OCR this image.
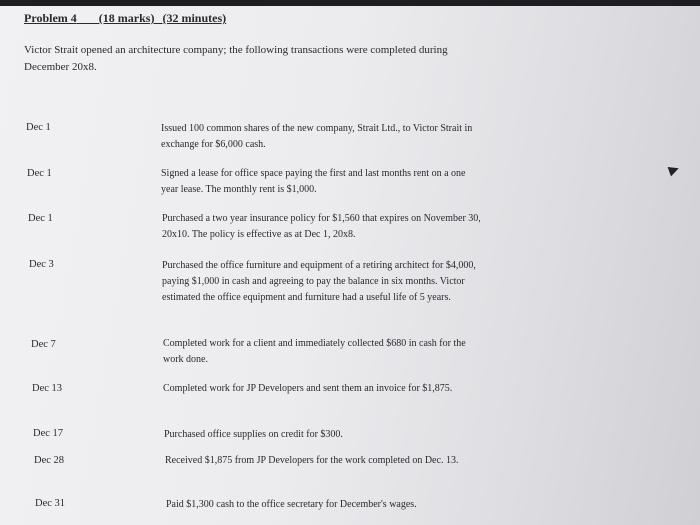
Problem 4 (18 marks) (32 minutes)
Victor Strait opened an architecture company; the following transactions were completed during December 20x8.
Dec 1	Issued 100 common shares of the new company, Strait Ltd., to Victor Strait in exchange for $6,000 cash.
Dec 1	Signed a lease for office space paying the first and last months rent on a one year lease. The monthly rent is $1,000.
Dec 1	Purchased a two year insurance policy for $1,560 that expires on November 30, 20x10. The policy is effective as at Dec 1, 20x8.
Dec 3	Purchased the office furniture and equipment of a retiring architect for $4,000, paying $1,000 in cash and agreeing to pay the balance in six months. Victor estimated the office equipment and furniture had a useful life of 5 years.
Dec 7	Completed work for a client and immediately collected $680 in cash for the work done.
Dec 13	Completed work for JP Developers and sent them an invoice for $1,875.
Dec 17	Purchased office supplies on credit for $300.
Dec 28	Received $1,875 from JP Developers for the work completed on Dec. 13.
Dec 31	Paid $1,300 cash to the office secretary for December's wages.
